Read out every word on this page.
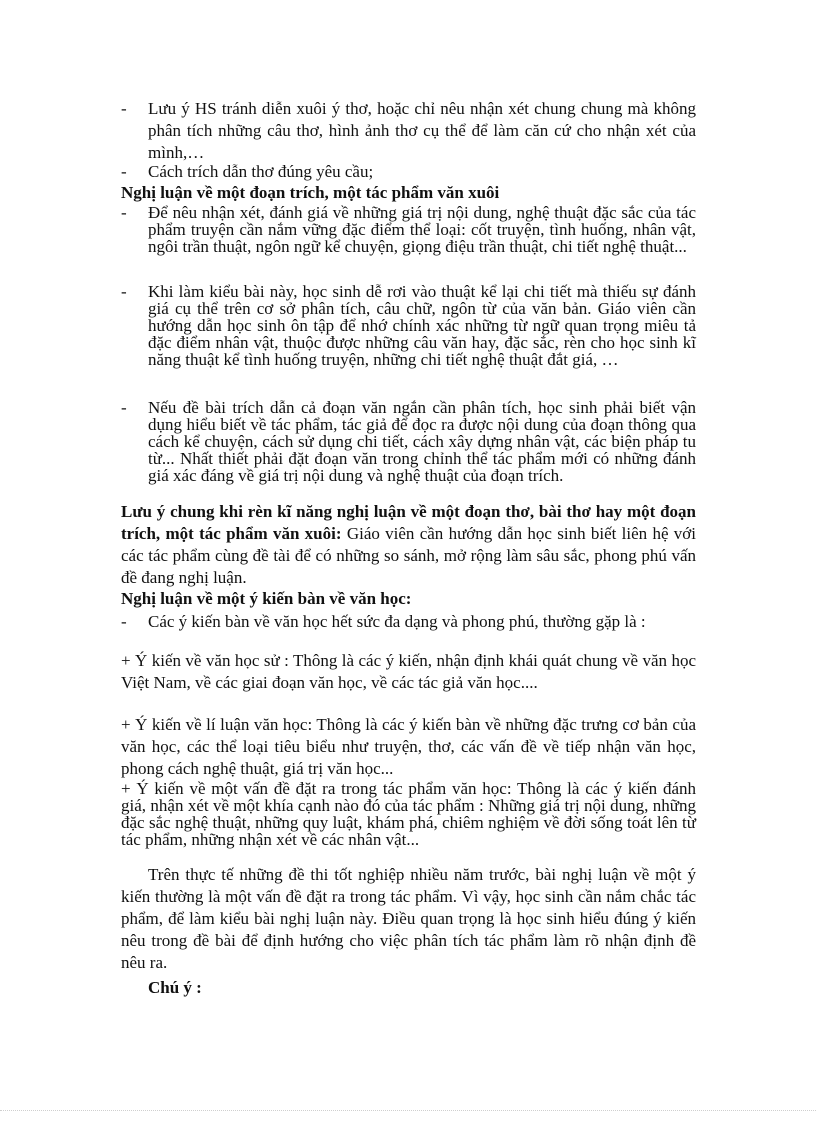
-	Lưu ý HS tránh diễn xuôi ý thơ, hoặc chỉ nêu nhận xét chung chung mà không phân tích những câu thơ, hình ảnh thơ cụ thể để làm căn cứ cho nhận xét của mình,…
-	Cách trích dẫn thơ đúng yêu cầu;
Nghị luận về một đoạn trích, một tác phẩm văn xuôi
-	Để nêu nhận xét, đánh giá về những giá trị nội dung, nghệ thuật đặc sắc của tác phẩm truyện cần nắm vững đặc điểm thể loại: cốt truyện, tình huống, nhân vật, ngôi trần thuật, ngôn ngữ kể chuyện, giọng điệu trần thuật, chi tiết nghệ thuật...
-	Khi làm kiểu bài này, học sinh dễ rơi vào thuật kể lại chi tiết mà thiếu sự đánh giá cụ thể trên cơ sở phân tích, câu chữ, ngôn từ của văn bản. Giáo viên cần hướng dẫn học sinh ôn tập để nhớ chính xác những từ ngữ quan trọng miêu tả đặc điểm nhân vật, thuộc được những câu văn hay, đặc sắc, rèn cho học sinh kĩ năng thuật kể tình huống truyện, những chi tiết nghệ thuật đắt giá, …
-	Nếu đề bài trích dẫn cả đoạn văn ngắn cần phân tích, học sinh phải biết vận dụng hiểu biết về tác phẩm, tác giả để đọc ra được nội dung của đoạn thông qua cách kể chuyện, cách sử dụng chi tiết, cách xây dựng nhân vật, các biện pháp tu từ... Nhất thiết phải đặt đoạn văn trong chỉnh thể tác phẩm mới có những đánh giá xác đáng về giá trị nội dung và nghệ thuật của đoạn trích.
Lưu ý chung khi rèn kĩ năng nghị luận về một đoạn thơ, bài thơ hay một đoạn trích, một tác phẩm văn xuôi: Giáo viên cần hướng dẫn học sinh biết liên hệ với các tác phẩm cùng đề tài để có những so sánh, mở rộng làm sâu sắc, phong phú vấn đề đang nghị luận.
Nghị luận về một ý kiến bàn về văn học:
-	Các ý kiến bàn về văn học hết sức đa dạng và phong phú, thường gặp là :
+ Ý kiến về văn học sử : Thông là các ý kiến, nhận định khái quát chung về văn học Việt Nam, về các giai đoạn văn học, về các tác giả văn học....
+ Ý kiến về lí luận văn học: Thông là các ý kiến bàn về những đặc trưng cơ bản của văn học, các thể loại tiêu biểu như truyện, thơ, các vấn đề về tiếp nhận văn học, phong cách nghệ thuật, giá trị văn học...
+ Ý kiến về một vấn đề đặt ra trong tác phẩm văn học: Thông là các ý kiến đánh giá, nhận xét về một khía cạnh nào đó của tác phẩm : Những giá trị nội dung, những đặc sắc nghệ thuật, những quy luật, khám phá, chiêm nghiệm về đời sống toát lên từ tác phẩm, những nhận xét về các nhân vật...
Trên thực tế những đề thi tốt nghiệp nhiều năm trước, bài nghị luận về một ý kiến thường là một vấn đề đặt ra trong tác phẩm. Vì vậy, học sinh cần nắm chắc tác phẩm, để làm kiểu bài nghị luận này. Điều quan trọng là học sinh hiểu đúng ý kiến nêu trong đề bài để định hướng cho việc phân tích tác phẩm làm rõ nhận định đề nêu ra.
Chú ý :
